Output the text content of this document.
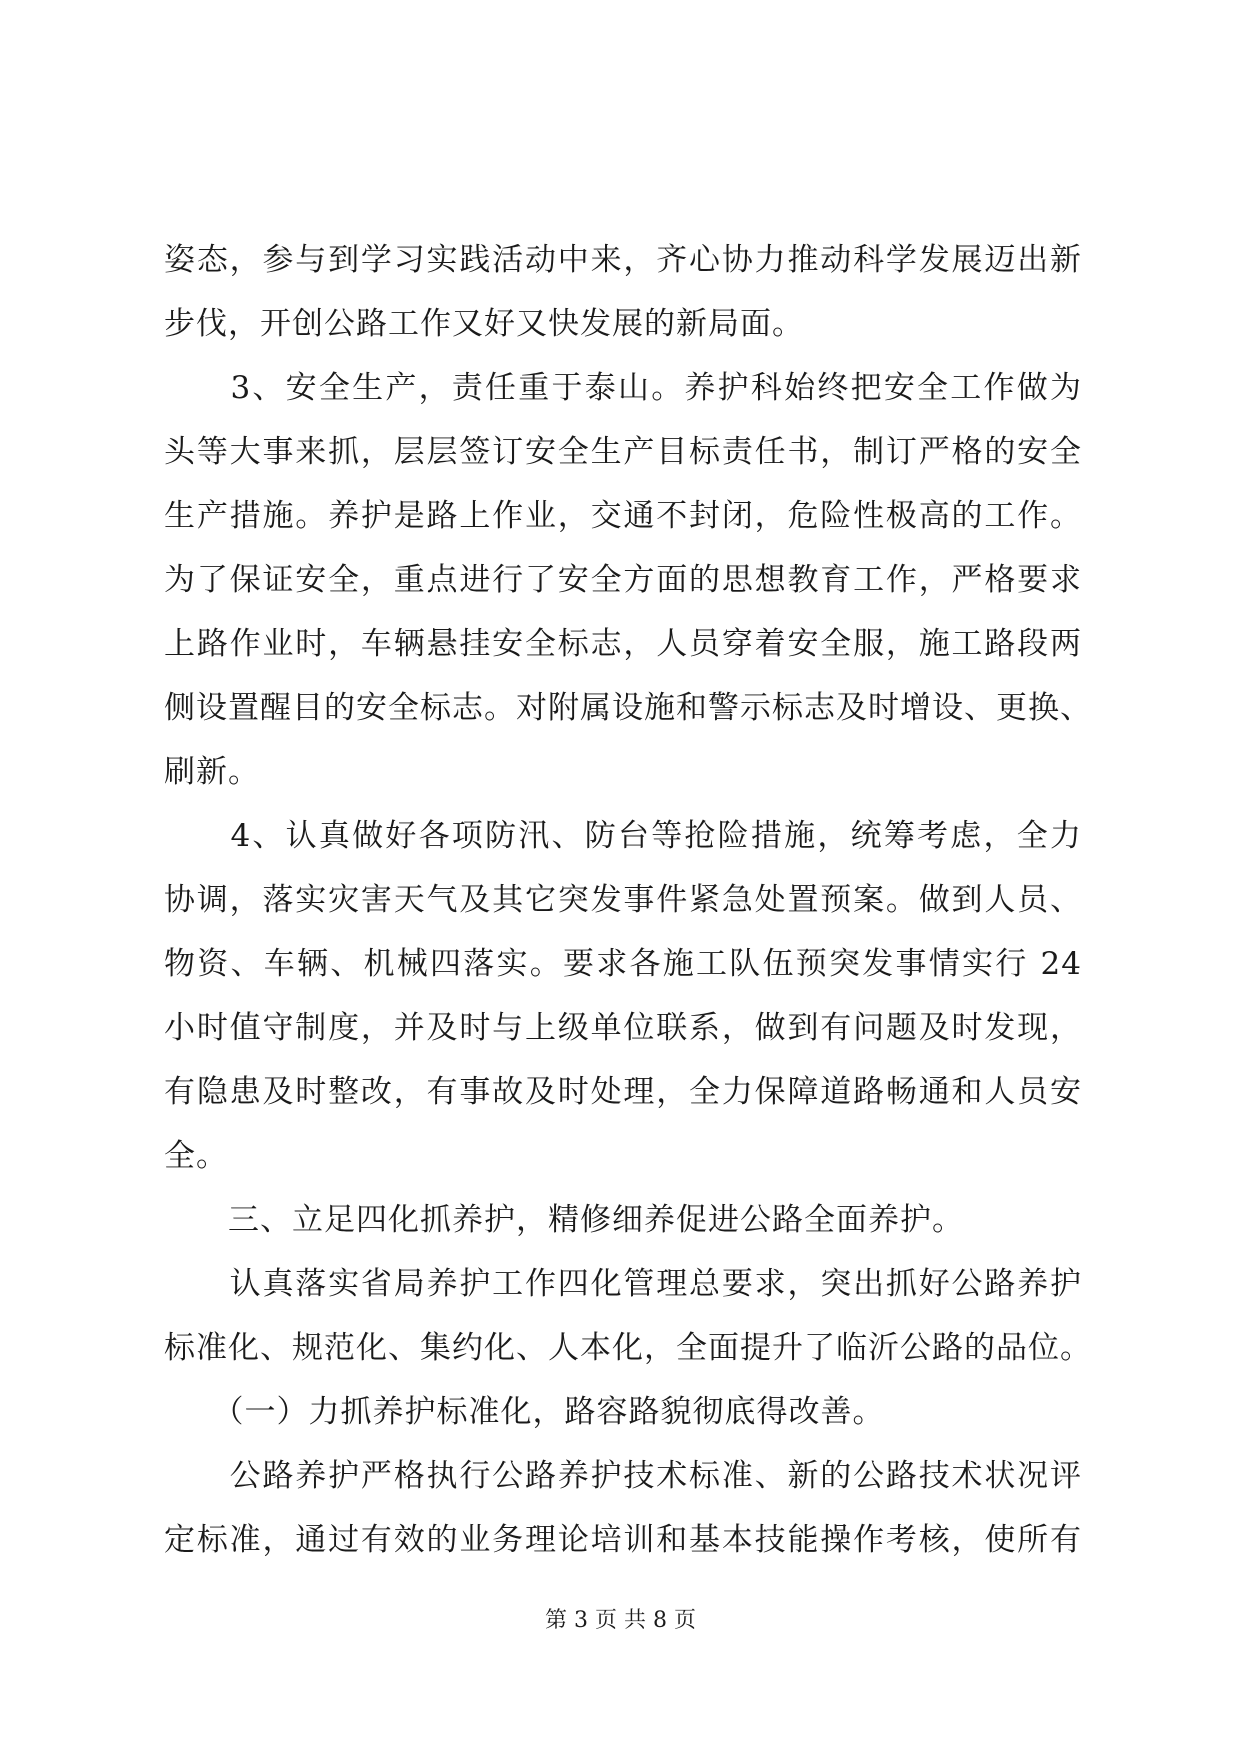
姿态，参与到学习实践活动中来，齐心协力推动科学发展迈出新
步伐，开创公路工作又好又快发展的新局面。
　　3、安全生产，责任重于泰山。养护科始终把安全工作做为
头等大事来抓，层层签订安全生产目标责任书，制订严格的安全
生产措施。养护是路上作业，交通不封闭，危险性极高的工作。
为了保证安全，重点进行了安全方面的思想教育工作，严格要求
上路作业时，车辆悬挂安全标志，人员穿着安全服，施工路段两
侧设置醒目的安全标志。对附属设施和警示标志及时增设、更换、
刷新。
　　4、认真做好各项防汛、防台等抢险措施，统筹考虑，全力
协调，落实灾害天气及其它突发事件紧急处置预案。做到人员、
物资、车辆、机械四落实。要求各施工队伍预突发事情实行 24
小时值守制度，并及时与上级单位联系，做到有问题及时发现，
有隐患及时整改，有事故及时处理，全力保障道路畅通和人员安
全。
　　三、立足四化抓养护，精修细养促进公路全面养护。
　　认真落实省局养护工作四化管理总要求，突出抓好公路养护
标准化、规范化、集约化、人本化，全面提升了临沂公路的品位。
　　（一）力抓养护标准化，路容路貌彻底得改善。
　　公路养护严格执行公路养护技术标准、新的公路技术状况评
定标准，通过有效的业务理论培训和基本技能操作考核，使所有
第 3 页 共 8 页
